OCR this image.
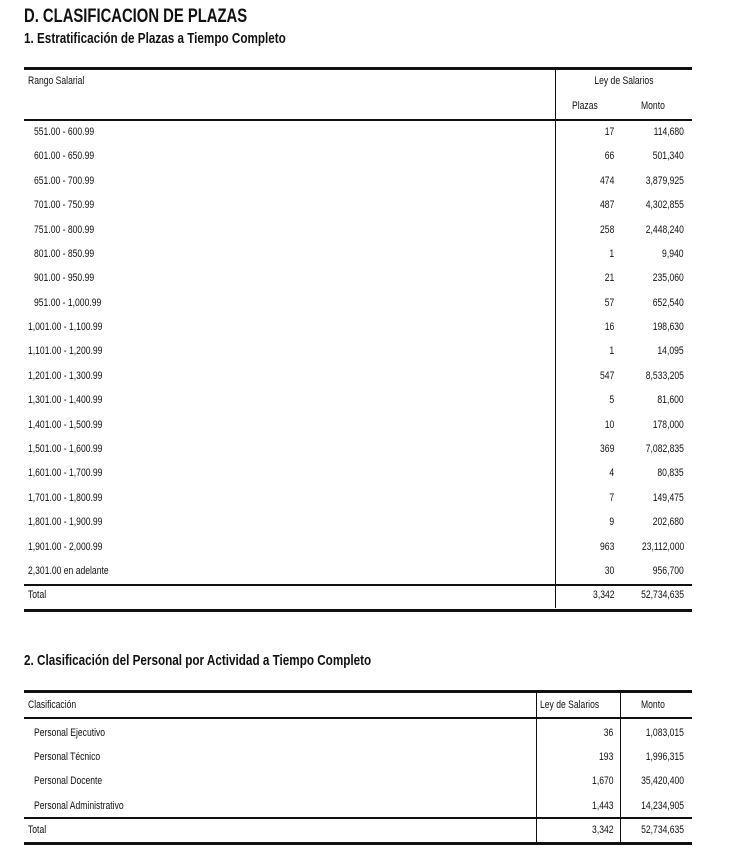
D. CLASIFICACION DE PLAZAS
1. Estratificación de Plazas a Tiempo Completo
Rango Salarial	Ley de Salarios	
	Plazas	Monto

551.00 - 600.99	17	114,680
601.00 - 650.99	66	501,340
651.00 - 700.99	474	3,879,925
701.00 - 750.99	487	4,302,855
751.00 - 800.99	258	2,448,240
801.00 - 850.99	1	9,940
901.00 - 950.99	21	235,060
951.00 - 1,000.99	57	652,540
1,001.00 - 1,100.99	16	198,630
1,101.00 - 1,200.99	1	14,095
1,201.00 - 1,300.99	547	8,533,205
1,301.00 - 1,400.99	5	81,600
1,401.00 - 1,500.99	10	178,000
1,501.00 - 1,600.99	369	7,082,835
1,601.00 - 1,700.99	4	80,835
1,701.00 - 1,800.99	7	149,475
1,801.00 - 1,900.99	9	202,680
1,901.00 - 2,000.99	963	23,112,000
2,301.00 en adelante	30	956,700
Total	3,342	52,734,635
2. Clasificación del Personal por Actividad a Tiempo Completo
Clasificación	Ley de Salarios	Monto

Personal Ejecutivo	36	1,083,015
Personal Técnico	193	1,996,315
Personal Docente	1,670	35,420,400
Personal Administrativo	1,443	14,234,905
Total	3,342	52,734,635
